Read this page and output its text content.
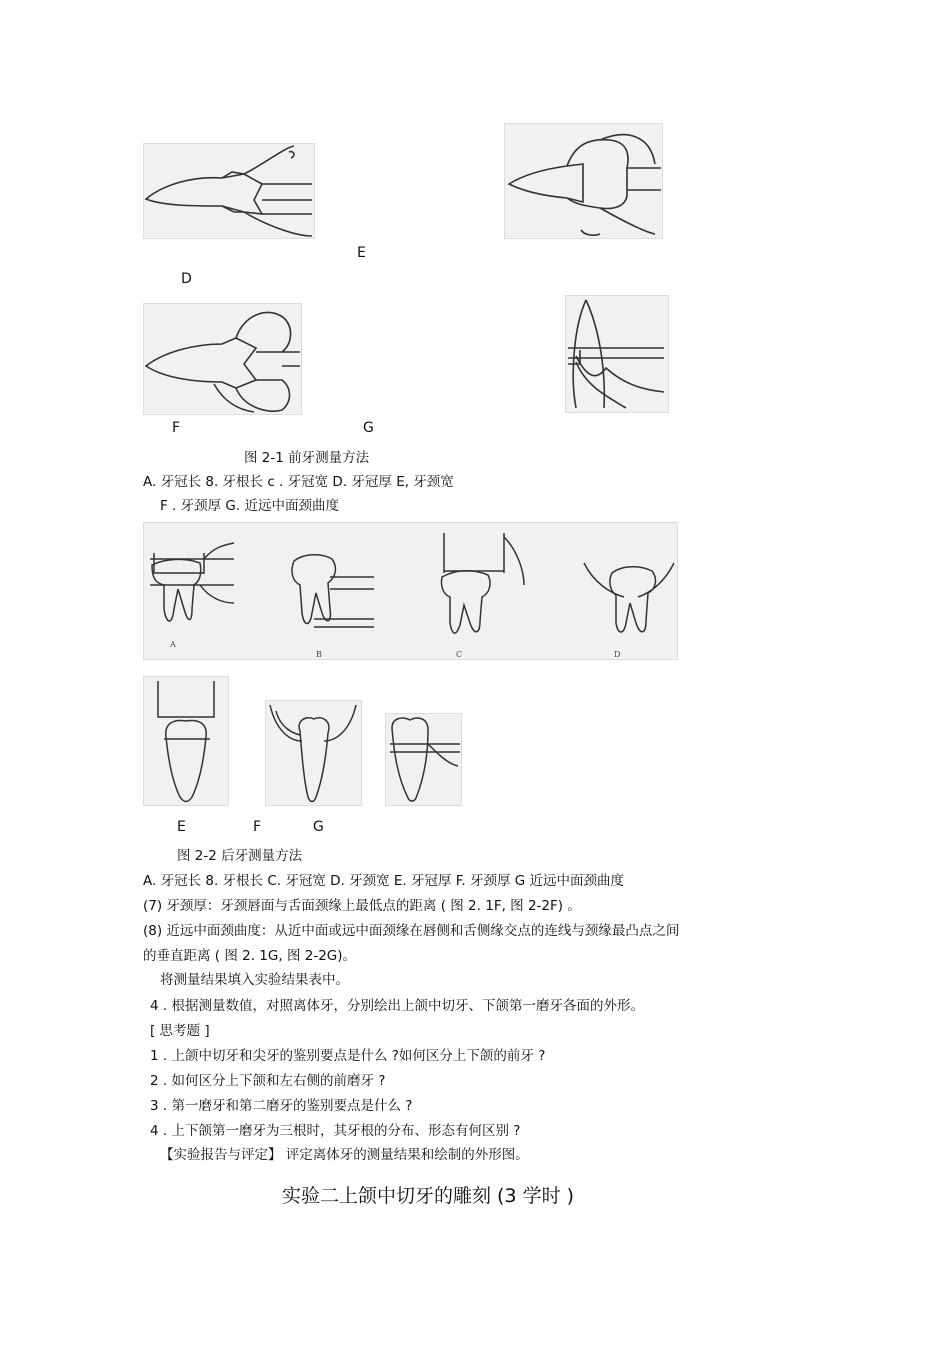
E
D
F	G
图 2-1 前牙测量方法
A. 牙冠长 8. 牙根长 c . 牙冠宽 D. 牙冠厚 E, 牙颈宽
F . 牙颈厚 G. 近远中面颈曲度
A
B	C	D
E	F	G
图 2-2 后牙测量方法
A. 牙冠长 8. 牙根长 C. 牙冠宽 D. 牙颈宽 E. 牙冠厚 F. 牙颈厚 G 近远中面颈曲度
(7) 牙颈厚：牙颈唇面与舌面颈缘上最低点的距离 ( 图 2. 1F, 图 2-2F) 。
(8) 近远中面颈曲度：从近中面或远中面颈缘在唇侧和舌侧缘交点的连线与颈缘最凸点之间
的垂直距离 ( 图 2. 1G, 图 2-2G)。
将测量结果填入实验结果表中。
4 . 根据测量数值，对照离体牙，分别绘出上颌中切牙、下颌第一磨牙各面的外形。
[ 思考题 ]
1 . 上颌中切牙和尖牙的鉴别要点是什么 ?如何区分上下颌的前牙 ?
2 . 如何区分上下颌和左右侧的前磨牙 ?
3 . 第一磨牙和第二磨牙的鉴别要点是什么 ?
4 . 上下颌第一磨牙为三根时，其牙根的分布、形态有何区别 ?
【实验报告与评定】 评定离体牙的测量结果和绘制的外形图。
实验二上颌中切牙的雕刻 (3 学时 )
